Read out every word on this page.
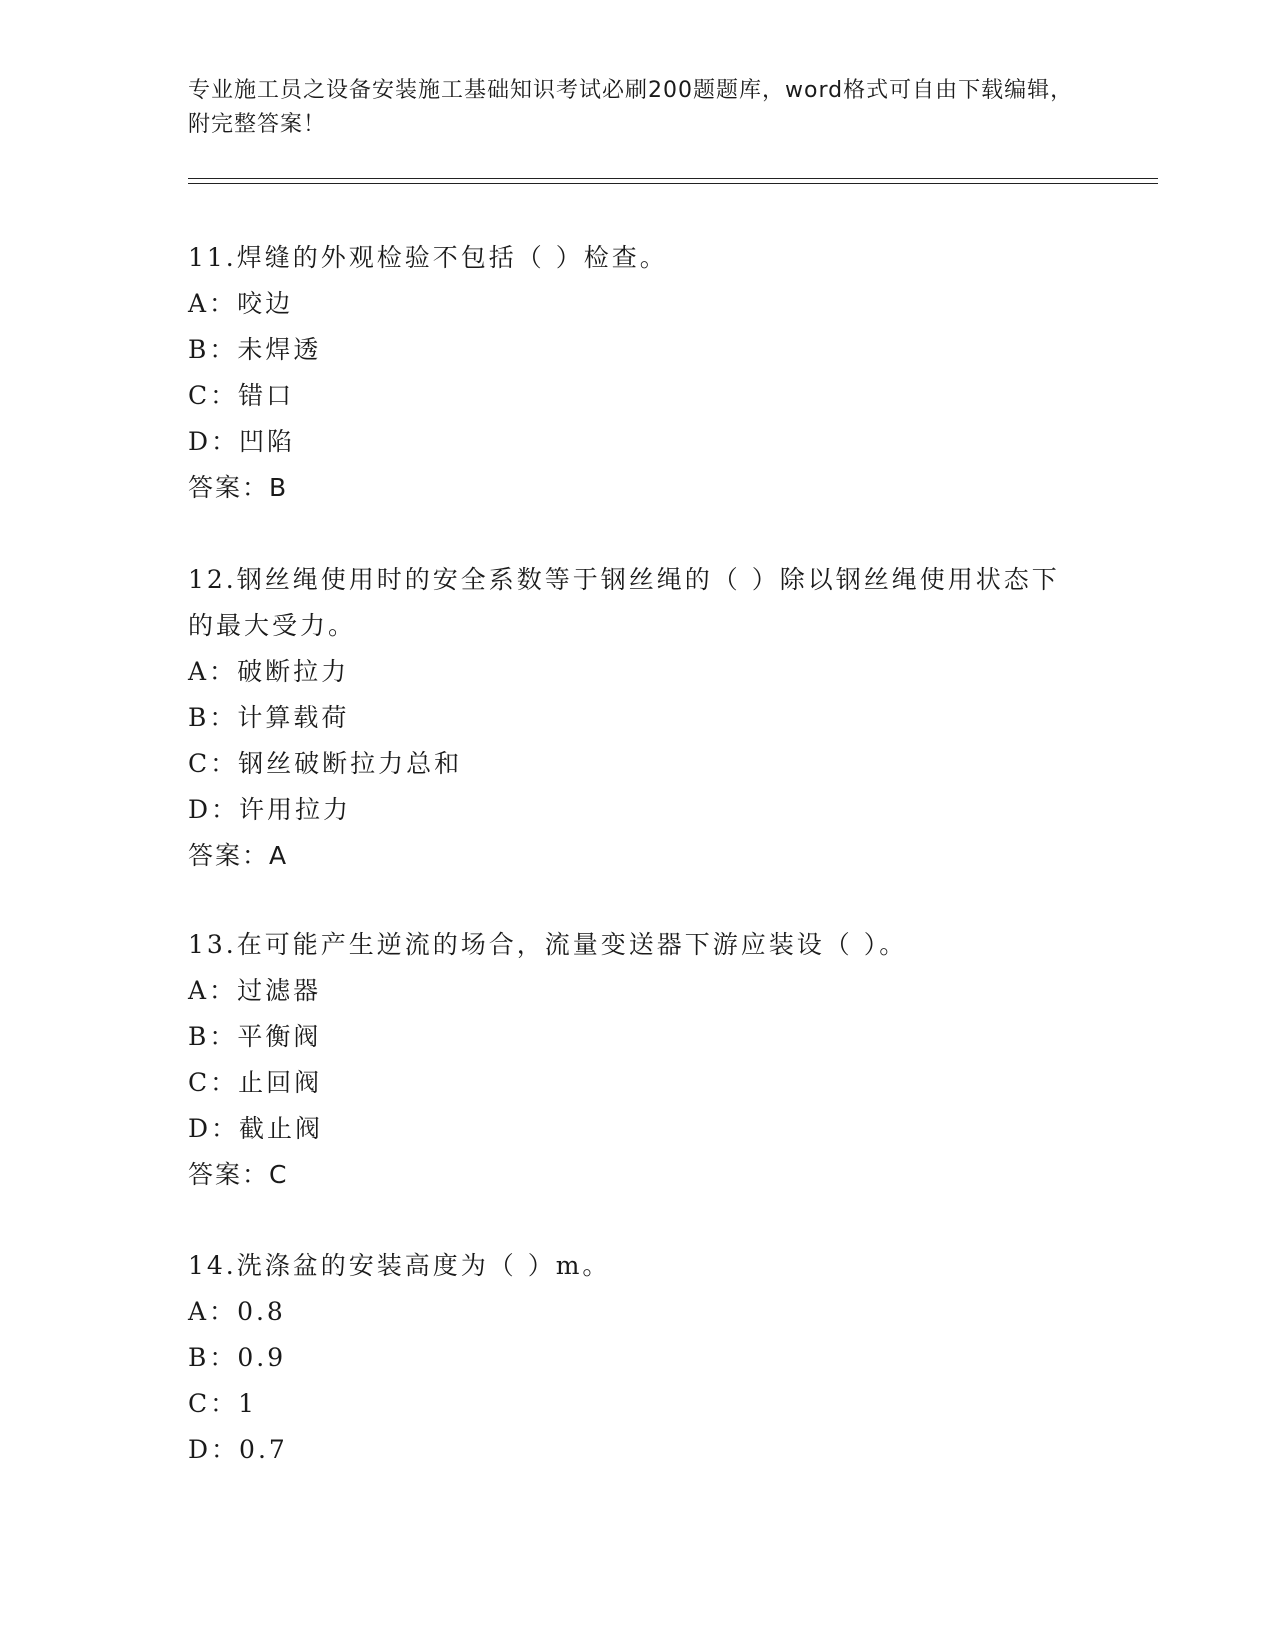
专业施工员之设备安装施工基础知识考试必刷200题题库，word格式可自由下载编辑，附完整答案！

11.焊缝的外观检验不包括（ ）检查。

A：咬边
B：未焊透
C：错口
D：凹陷
答案：B

12.钢丝绳使用时的安全系数等于钢丝绳的（ ）除以钢丝绳使用状态下的最大受力。

A：破断拉力
B：计算载荷
C：钢丝破断拉力总和
D：许用拉力
答案：A

13.在可能产生逆流的场合，流量变送器下游应装设（ ）。

A：过滤器
B：平衡阀
C：止回阀
D：截止阀
答案：C

14.洗涤盆的安装高度为（ ）m。

A：0.8
B：0.9
C：1
D：0.7
